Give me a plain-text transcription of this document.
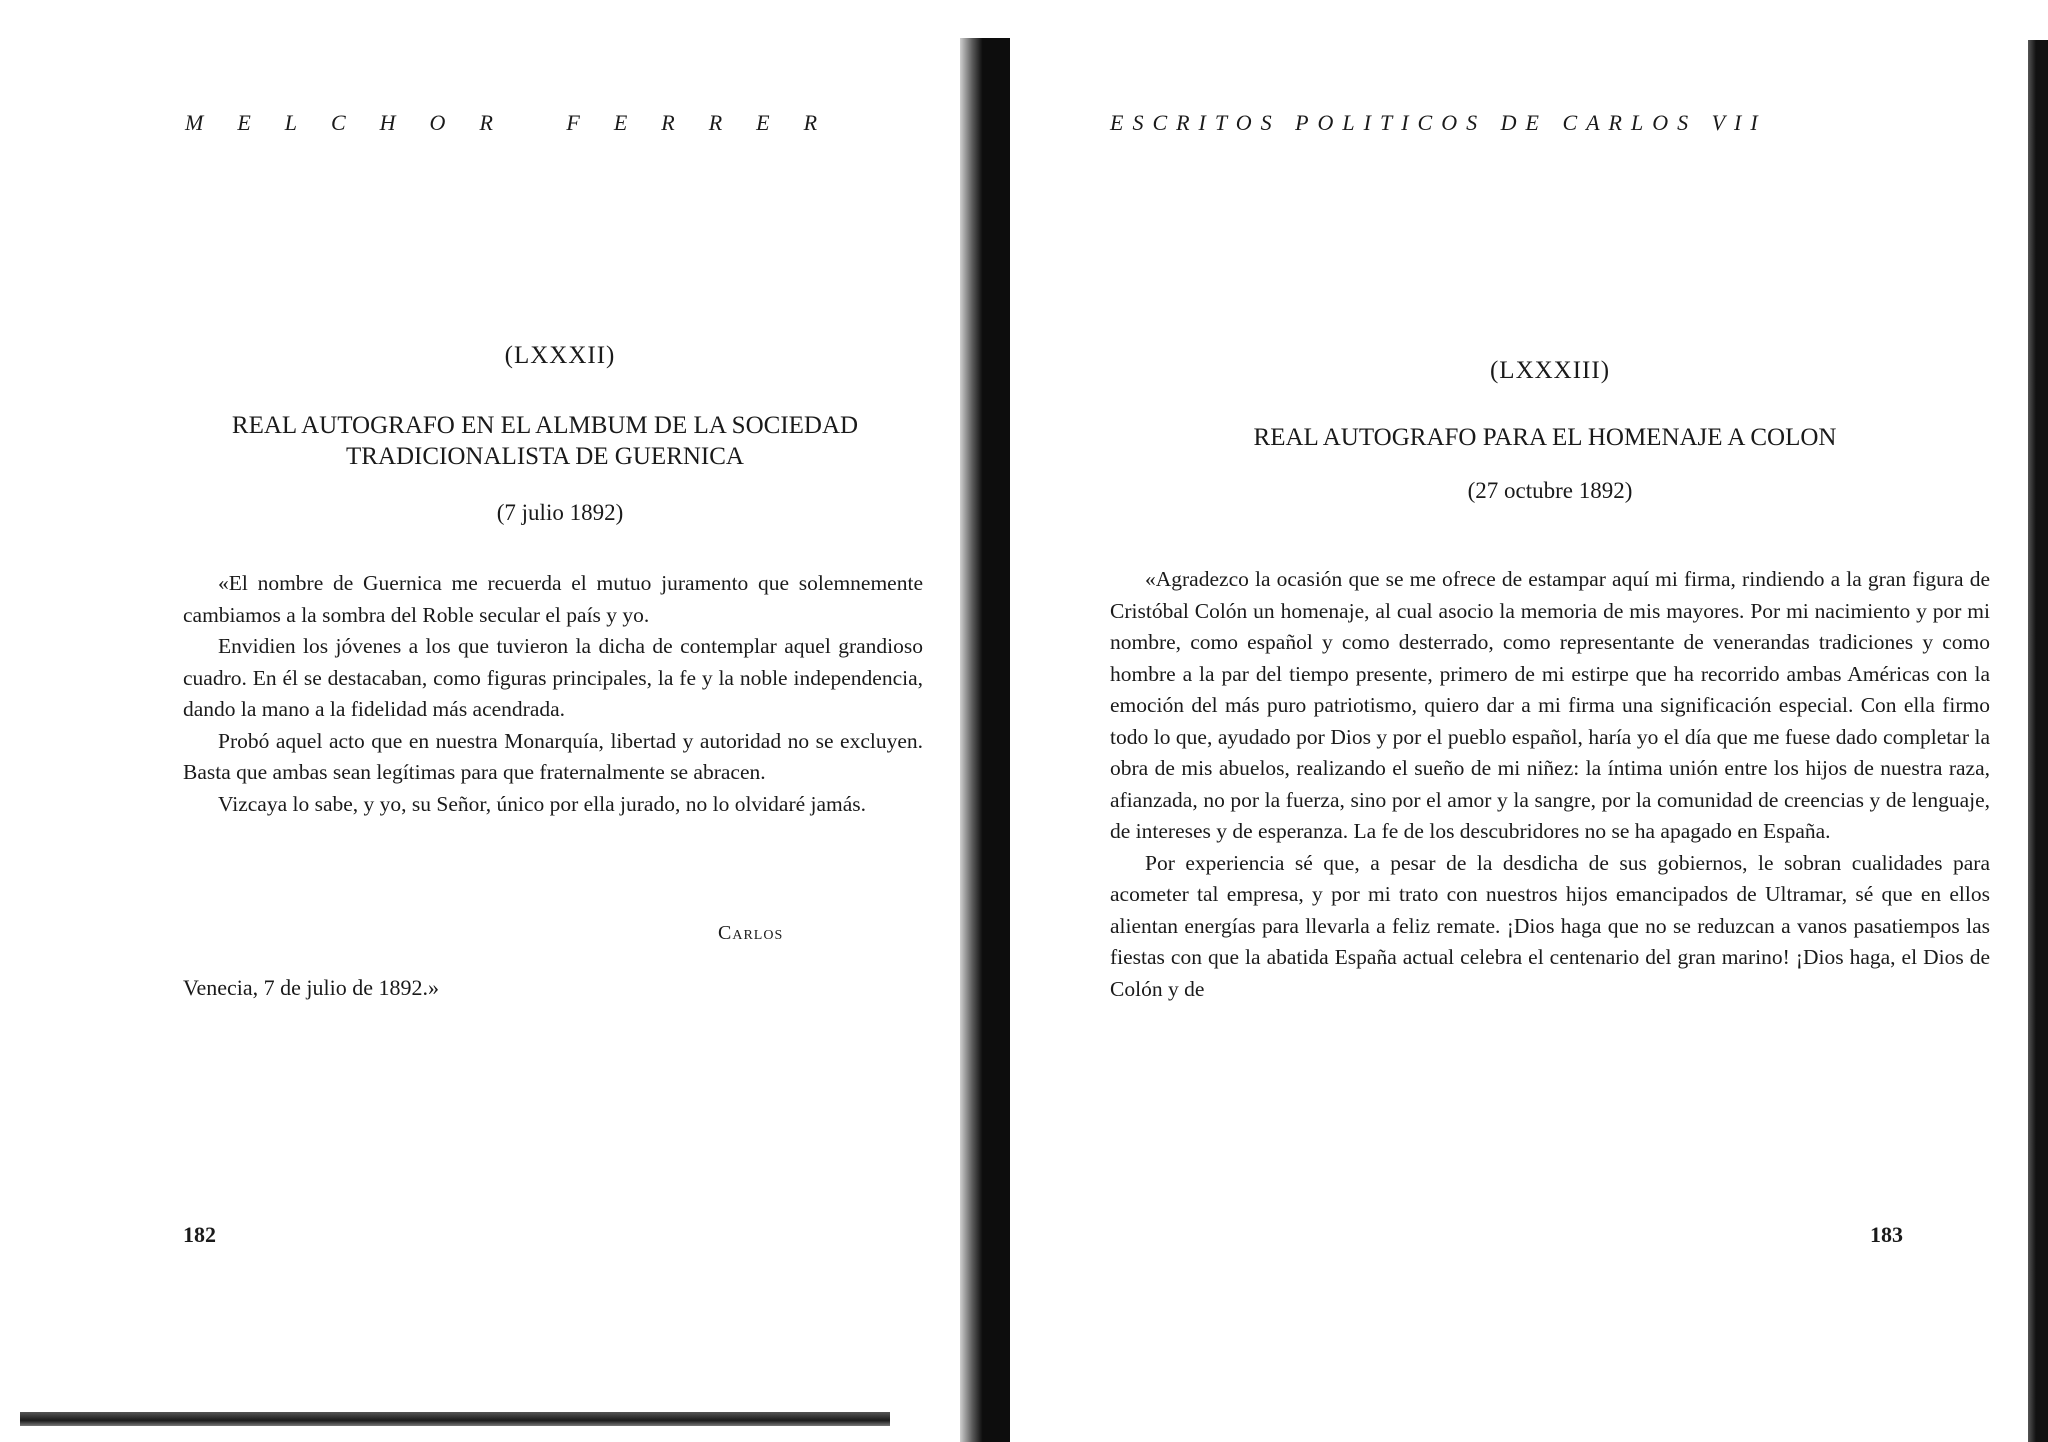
MELCHOR FERRER
(LXXXII)
REAL AUTOGRAFO EN EL ALMBUM DE LA SOCIEDAD TRADICIONALISTA DE GUERNICA
(7 julio 1892)

«El nombre de Guernica me recuerda el mutuo juramento que solemnemente cambiamos a la sombra del Roble secular el país y yo.

Envidien los jóvenes a los que tuvieron la dicha de contemplar aquel grandioso cuadro. En él se destacaban, como figuras principales, la fe y la noble independencia, dando la mano a la fidelidad más acendrada.

Probó aquel acto que en nuestra Monarquía, libertad y autoridad no se excluyen. Basta que ambas sean legítimas para que fraternalmente se abracen.

Vizcaya lo sabe, y yo, su Señor, único por ella jurado, no lo olvidaré jamás.

Carlos
Venecia, 7 de julio de 1892.»
182
ESCRITOS POLITICOS DE CARLOS VII
(LXXXIII)
REAL AUTOGRAFO PARA EL HOMENAJE A COLON
(27 octubre 1892)

«Agradezco la ocasión que se me ofrece de estampar aquí mi firma, rindiendo a la gran figura de Cristóbal Colón un homenaje, al cual asocio la memoria de mis mayores. Por mi nacimiento y por mi nombre, como español y como desterrado, como representante de venerandas tradiciones y como hombre a la par del tiempo presente, primero de mi estirpe que ha recorrido ambas Américas con la emoción del más puro patriotismo, quiero dar a mi firma una significación especial. Con ella firmo todo lo que, ayudado por Dios y por el pueblo español, haría yo el día que me fuese dado completar la obra de mis abuelos, realizando el sueño de mi niñez: la íntima unión entre los hijos de nuestra raza, afianzada, no por la fuerza, sino por el amor y la sangre, por la comunidad de creencias y de lenguaje, de intereses y de esperanza. La fe de los descubridores no se ha apagado en España.

Por experiencia sé que, a pesar de la desdicha de sus gobiernos, le sobran cualidades para acometer tal empresa, y por mi trato con nuestros hijos emancipados de Ultramar, sé que en ellos alientan energías para llevarla a feliz remate. ¡Dios haga que no se reduzcan a vanos pasatiempos las fiestas con que la abatida España actual celebra el centenario del gran marino! ¡Dios haga, el Dios de Colón y de

183
